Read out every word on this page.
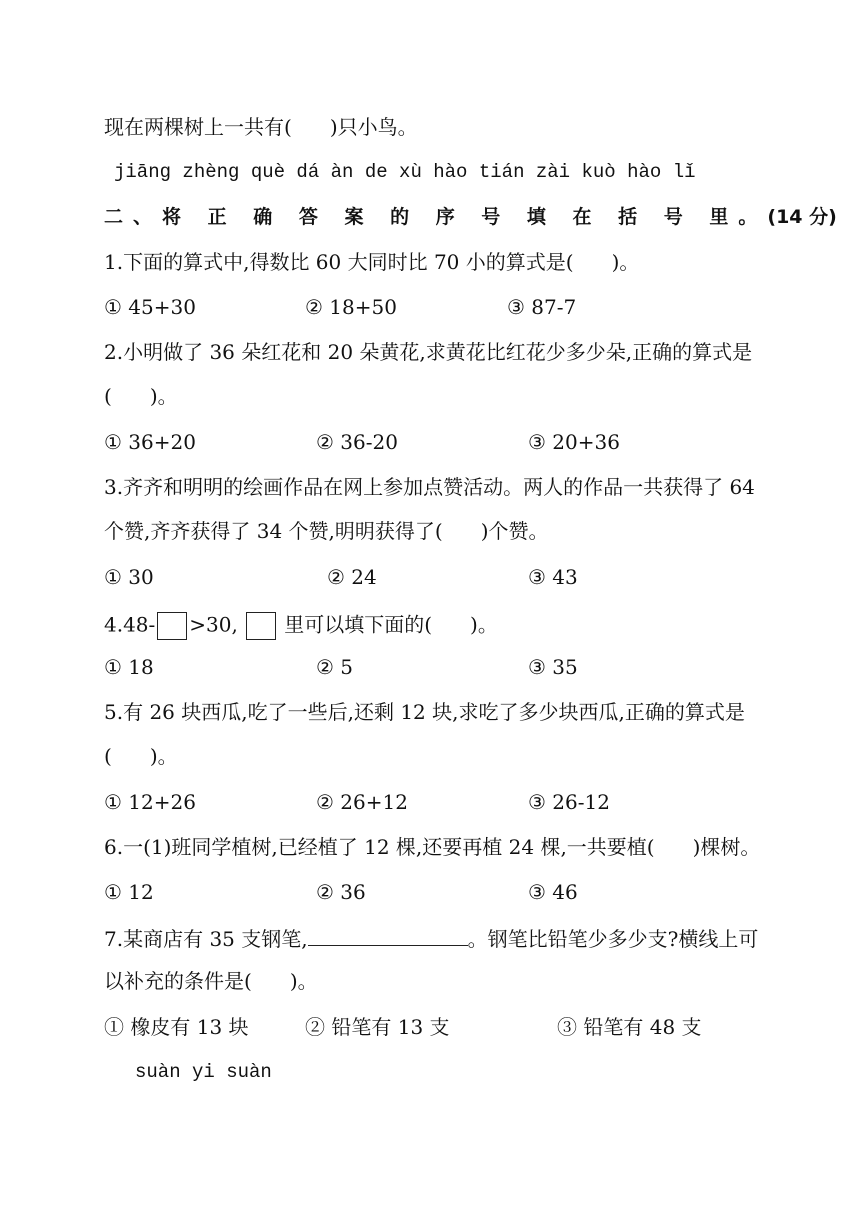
现在两棵树上一共有( )只小鸟。
jiāng zhèng què dá àn de xù hào tián zài kuò hào lǐ
二、将 正 确 答 案 的 序 号 填 在 括 号 里。(14 分)
1.下面的算式中,得数比 60 大同时比 70 小的算式是( )。
① 45+30	② 18+50	③ 87-7
2.小明做了 36 朵红花和 20 朵黄花,求黄花比红花少多少朵,正确的算式是
( )。
① 36+20	② 36-20	③ 20+36
3.齐齐和明明的绘画作品在网上参加点赞活动。两人的作品一共获得了 64
个赞,齐齐获得了 34 个赞,明明获得了( )个赞。
① 30	② 24	③ 43
4.48- >30, 里可以填下面的( )。
① 18	② 5	③ 35
5.有 26 块西瓜,吃了一些后,还剩 12 块,求吃了多少块西瓜,正确的算式是
( )。
① 12+26	② 26+12	③ 26-12
6.一(1)班同学植树,已经植了 12 棵,还要再植 24 棵,一共要植( )棵树。
① 12	② 36	③ 46
7.某商店有 35 支钢笔,	。钢笔比铅笔少多少支?横线上可
以补充的条件是( )。
① 橡皮有 13 块	② 铅笔有 13 支	③ 铅笔有 48 支
suàn yi suàn
